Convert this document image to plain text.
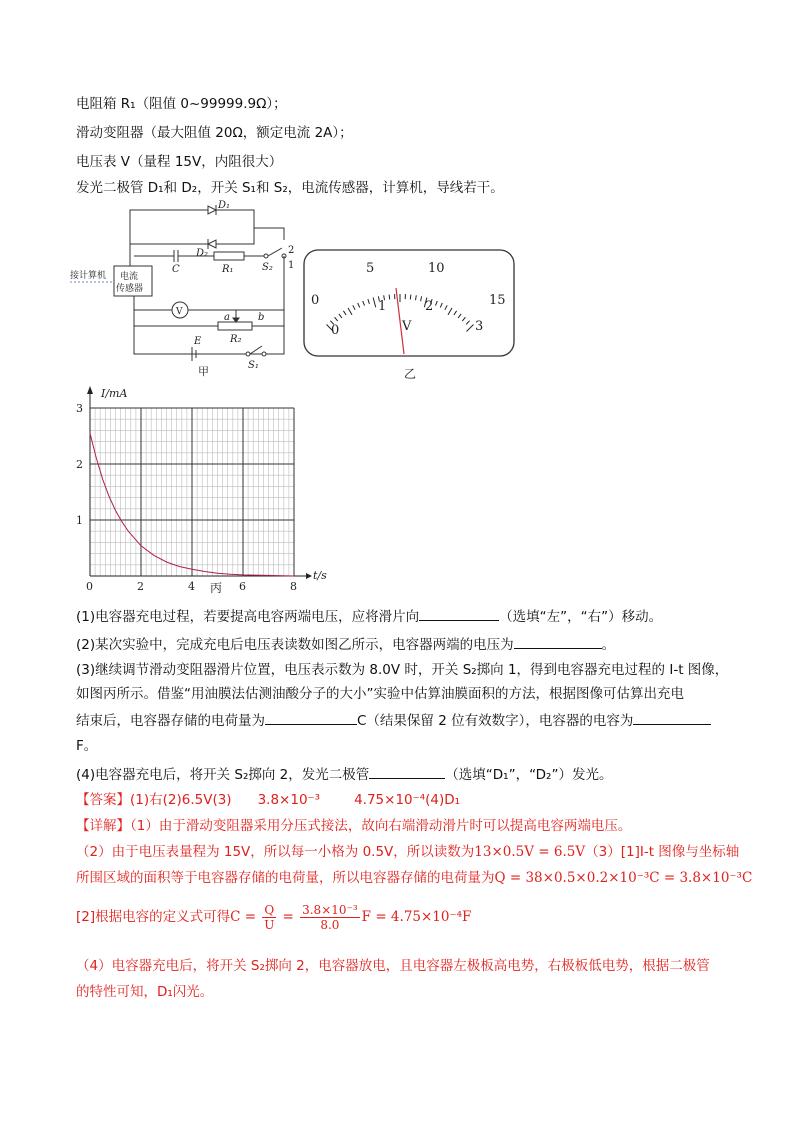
电阻箱 R₁（阻值 0~99999.9Ω）；
滑动变阻器（最大阻值 20Ω，额定电流 2A）；
电压表 V（量程 15V，内阻很大）
发光二极管 D₁和 D₂，开关 S₁和 S₂，电流传感器，计算机，导线若干。
D₁
D₂
C	R₁	S₂
2
1
接计算机 电流
传感器
V	a	b
R₂
E
S₁
甲
0
5	10
15
0
1	2
3
V
乙
I/mA
t/s
0	2	4	6	8
1
2
3
丙
(1)电容器充电过程，若要提高电容两端电压，应将滑片向	（选填“左”，“右”）移动。
(2)某次实验中，完成充电后电压表读数如图乙所示，电容器两端的电压为	。
(3)继续调节滑动变阻器滑片位置，电压表示数为 8.0V 时，开关 S₂掷向 1，得到电容器充电过程的 I-t 图像，
如图丙所示。借鉴“用油膜法估测油酸分子的大小”实验中估算油膜面积的方法，根据图像可估算出充电
结束后，电容器存储的电荷量为	C（结果保留 2 位有效数字），电容器的电容为
F。
(4)电容器充电后，将开关 S₂掷向 2，发光二极管	（选填“D₁”，“D₂”）发光。
【答案】(1)右(2)6.5V(3) 3.8×10⁻³	4.75×10⁻⁴(4)D₁
【详解】（1）由于滑动变阻器采用分压式接法，故向右端滑动滑片时可以提高电容两端电压。
（2）由于电压表量程为 15V，所以每一小格为 0.5V，所以读数为13×0.5V = 6.5V（3）[1]I-t 图像与坐标轴
所围区域的面积等于电容器存储的电荷量，所以电容器存储的电荷量为Q = 38×0.5×0.2×10⁻³C = 3.8×10⁻³C
[2]根据电容的定义式可得$C = \frac{Q}{U} = \frac{\text{3.8×10⁻³}}{8.0}$ F = 4.75×10⁻⁴F
（4）电容器充电后，将开关 S₂掷向 2，电容器放电，且电容器左极板高电势，右极板低电势，根据二极管
的特性可知，D₁闪光。
